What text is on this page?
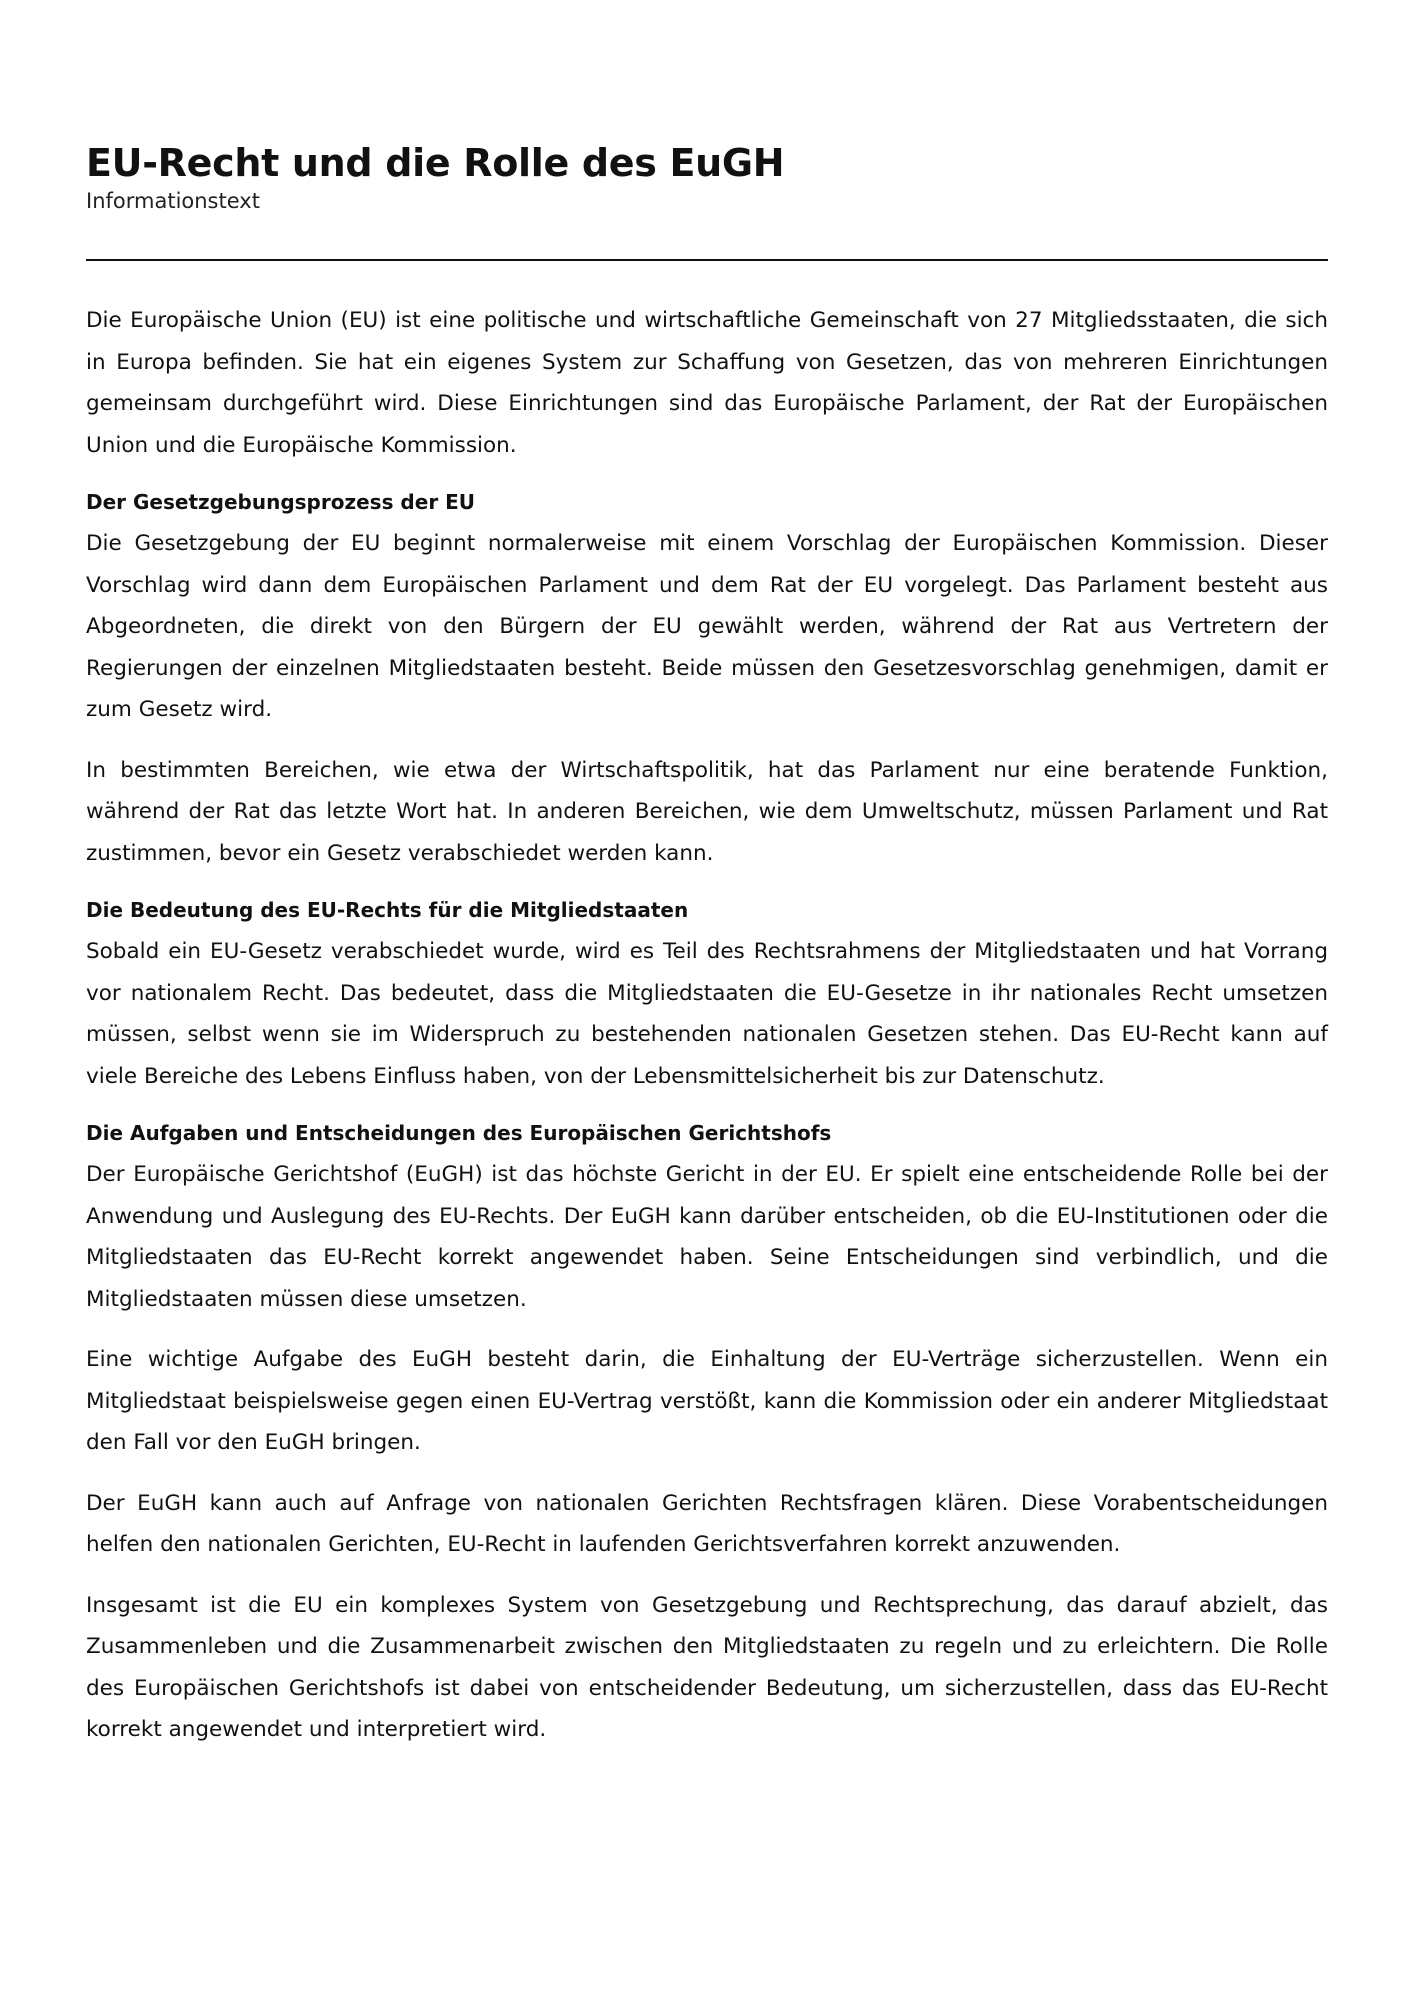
EU-Recht und die Rolle des EuGH

Informationstext

Die Europäische Union (EU) ist eine politische und wirtschaftliche Gemeinschaft von 27 Mitgliedsstaaten, die sich in Europa befinden. Sie hat ein eigenes System zur Schaffung von Gesetzen, das von mehreren Einrichtungen gemeinsam durchgeführt wird. Diese Einrichtungen sind das Europäische Parlament, der Rat der Europäischen Union und die Europäische Kommission.

Der Gesetzgebungsprozess der EU

Die Gesetzgebung der EU beginnt normalerweise mit einem Vorschlag der Europäischen Kommission. Dieser Vorschlag wird dann dem Europäischen Parlament und dem Rat der EU vorgelegt. Das Parlament besteht aus Abgeordneten, die direkt von den Bürgern der EU gewählt werden, während der Rat aus Vertretern der Regierungen der einzelnen Mitgliedstaaten besteht. Beide müssen den Gesetzesvorschlag genehmigen, damit er zum Gesetz wird.

In bestimmten Bereichen, wie etwa der Wirtschaftspolitik, hat das Parlament nur eine beratende Funktion, während der Rat das letzte Wort hat. In anderen Bereichen, wie dem Umweltschutz, müssen Parlament und Rat zustimmen, bevor ein Gesetz verabschiedet werden kann.

Die Bedeutung des EU-Rechts für die Mitgliedstaaten

Sobald ein EU-Gesetz verabschiedet wurde, wird es Teil des Rechtsrahmens der Mitgliedstaaten und hat Vorrang vor nationalem Recht. Das bedeutet, dass die Mitgliedstaaten die EU-Gesetze in ihr nationales Recht umsetzen müssen, selbst wenn sie im Widerspruch zu bestehenden nationalen Gesetzen stehen. Das EU-Recht kann auf viele Bereiche des Lebens Einfluss haben, von der Lebensmittelsicherheit bis zur Datenschutz.

Die Aufgaben und Entscheidungen des Europäischen Gerichtshofs

Der Europäische Gerichtshof (EuGH) ist das höchste Gericht in der EU. Er spielt eine entscheidende Rolle bei der Anwendung und Auslegung des EU-Rechts. Der EuGH kann darüber entscheiden, ob die EU-Institutionen oder die Mitgliedstaaten das EU-Recht korrekt angewendet haben. Seine Entscheidungen sind verbindlich, und die Mitgliedstaaten müssen diese umsetzen.

Eine wichtige Aufgabe des EuGH besteht darin, die Einhaltung der EU-Verträge sicherzustellen. Wenn ein Mitgliedstaat beispielsweise gegen einen EU-Vertrag verstößt, kann die Kommission oder ein anderer Mitgliedstaat den Fall vor den EuGH bringen.

Der EuGH kann auch auf Anfrage von nationalen Gerichten Rechtsfragen klären. Diese Vorabentscheidungen helfen den nationalen Gerichten, EU-Recht in laufenden Gerichtsverfahren korrekt anzuwenden.

Insgesamt ist die EU ein komplexes System von Gesetzgebung und Rechtsprechung, das darauf abzielt, das Zusammenleben und die Zusammenarbeit zwischen den Mitgliedstaaten zu regeln und zu erleichtern. Die Rolle des Europäischen Gerichtshofs ist dabei von entscheidender Bedeutung, um sicherzustellen, dass das EU-Recht korrekt angewendet und interpretiert wird.
